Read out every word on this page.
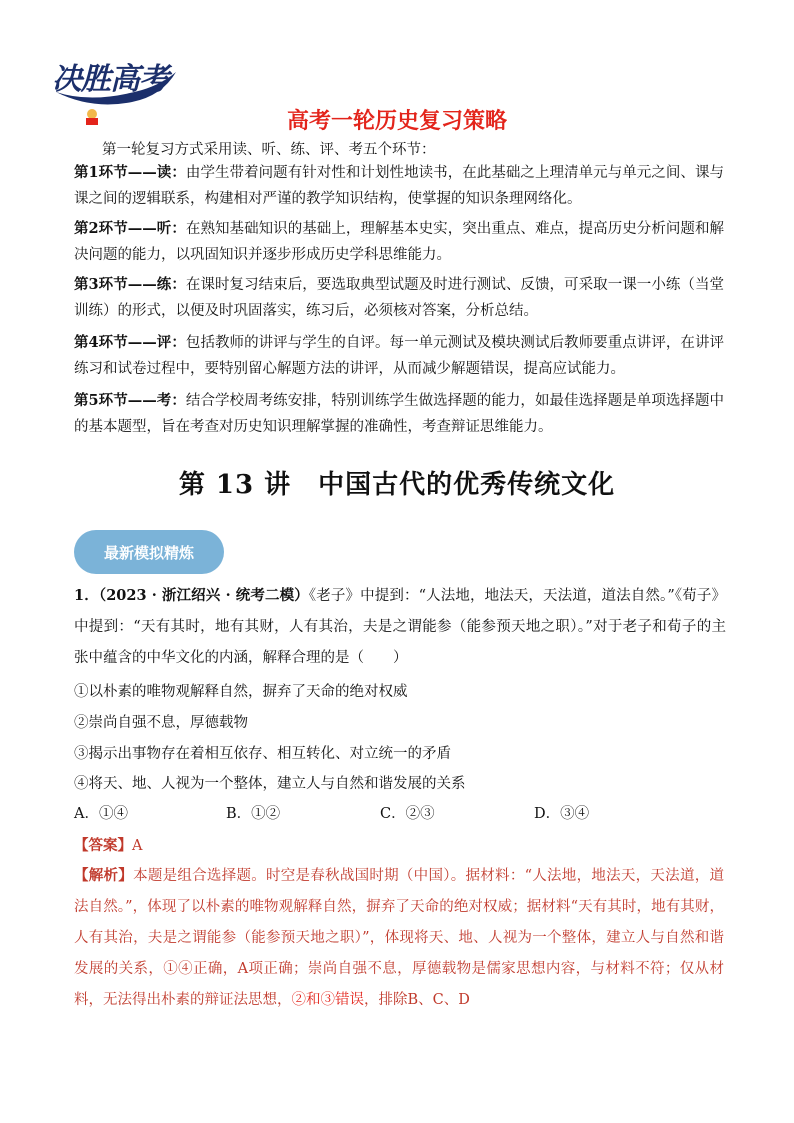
决胜高考
高考一轮历史复习策略
第一轮复习方式采用读、听、练、评、考五个环节：
第1环节——读：由学生带着问题有针对性和计划性地读书，在此基础之上理清单元与单元之间、课与课之间的逻辑联系，构建相对严谨的教学知识结构，使掌握的知识条理网络化。
第2环节——听：在熟知基础知识的基础上，理解基本史实，突出重点、难点，提高历史分析问题和解决问题的能力，以巩固知识并逐步形成历史学科思维能力。
第3环节——练：在课时复习结束后，要选取典型试题及时进行测试、反馈，可采取一课一小练（当堂训练）的形式，以便及时巩固落实，练习后，必须核对答案，分析总结。
第4环节——评：包括教师的讲评与学生的自评。每一单元测试及模块测试后教师要重点讲评，在讲评练习和试卷过程中，要特别留心解题方法的讲评，从而减少解题错误，提高应试能力。
第5环节——考：结合学校周考练安排，特别训练学生做选择题的能力，如最佳选择题是单项选择题中的基本题型，旨在考查对历史知识理解掌握的准确性，考查辩证思维能力。
第 13 讲　中国古代的优秀传统文化
最新模拟精炼
1．（2023 · 浙江绍兴 · 统考二模）《老子》中提到：“人法地，地法天，天法道，道法自然。”《荀子》中提到：“天有其时，地有其财，人有其治，夫是之谓能参（能参预天地之职）。”对于老子和荀子的主张中蕴含的中华文化的内涵，解释合理的是（　　）
①以朴素的唯物观解释自然，摒弃了天命的绝对权威
②崇尚自强不息，厚德载物
③揭示出事物存在着相互依存、相互转化、对立统一的矛盾
④将天、地、人视为一个整体，建立人与自然和谐发展的关系
A．①④	B．①②	C．②③	D．③④
【答案】A
【解析】本题是组合选择题。时空是春秋战国时期（中国）。据材料：“人法地，地法天，天法道，道法自然。”，体现了以朴素的唯物观解释自然，摒弃了天命的绝对权威；据材料“天有其时，地有其财，人有其治，夫是之谓能参（能参预天地之职）”，体现将天、地、人视为一个整体，建立人与自然和谐发展的关系，①④正确，A项正确；崇尚自强不息，厚德载物是儒家思想内容，与材料不符；仅从材料，无法得出朴素的辩证法思想，②和③错误，排除B、C、D
